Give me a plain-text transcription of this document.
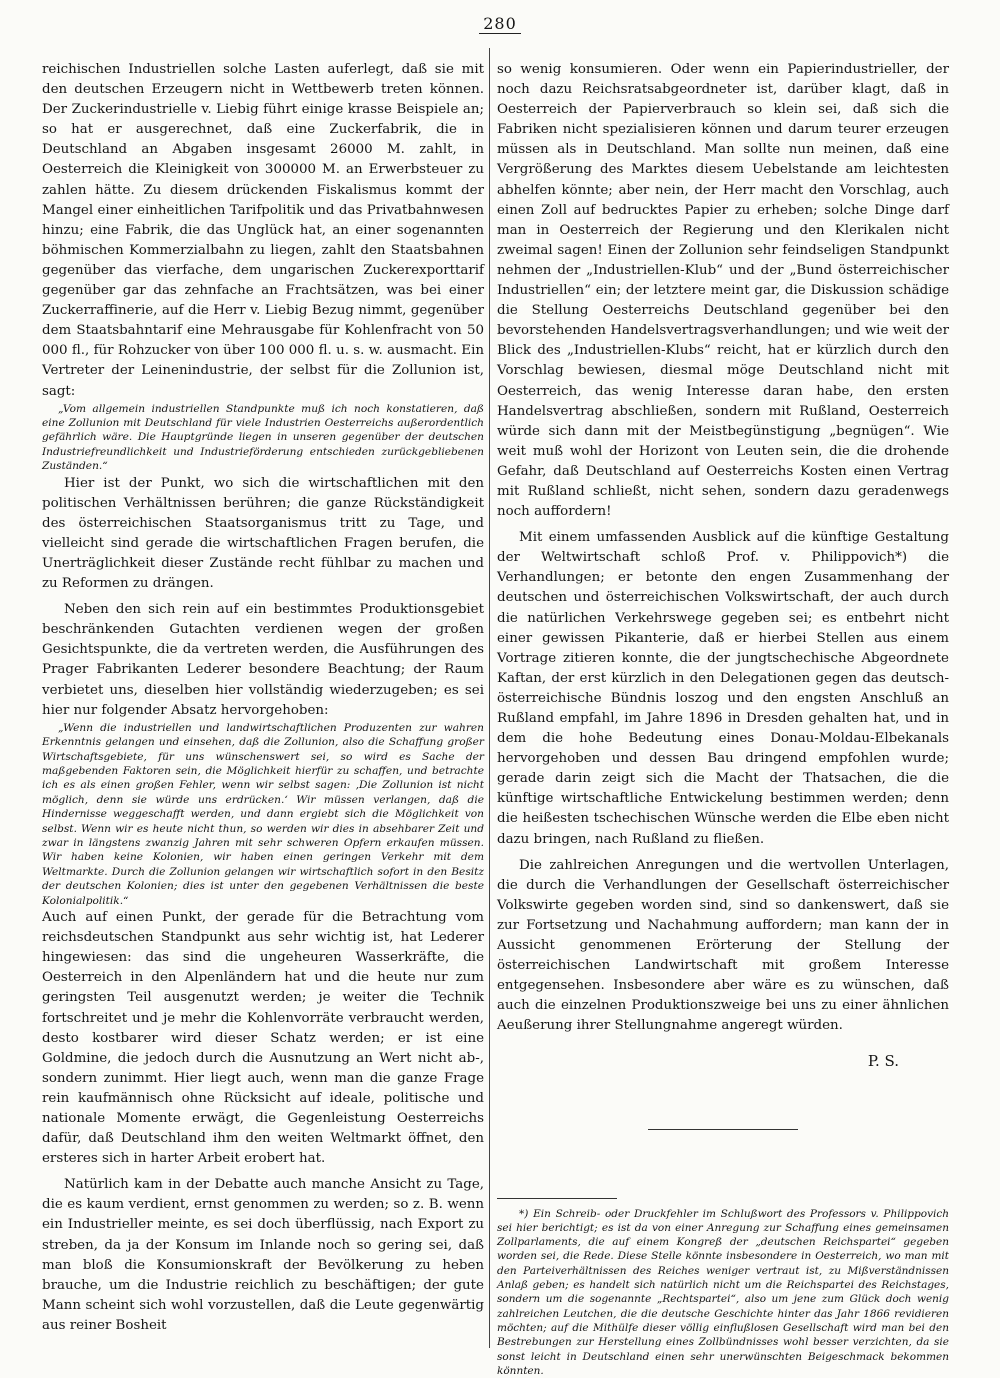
280

reichischen Industriellen solche Lasten auferlegt, daß sie mit den deutschen Erzeugern nicht in Wettbewerb treten können. Der Zuckerindustrielle v. Liebig führt einige krasse Beispiele an; so hat er ausgerechnet, daß eine Zuckerfabrik, die in Deutschland an Abgaben insgesamt 26000 M. zahlt, in Oesterreich die Kleinigkeit von 300000 M. an Erwerbsteuer zu zahlen hätte. Zu diesem drückenden Fiskalismus kommt der Mangel einer einheitlichen Tarifpolitik und das Privatbahnwesen hinzu; eine Fabrik, die das Unglück hat, an einer sogenannten böhmischen Kommerzialbahn zu liegen, zahlt den Staatsbahnen gegenüber das vierfache, dem ungarischen Zuckerexporttarif gegenüber gar das zehnfache an Frachtsätzen, was bei einer Zuckerraffinerie, auf die Herr v. Liebig Bezug nimmt, gegenüber dem Staatsbahntarif eine Mehrausgabe für Kohlenfracht von 50 000 fl., für Rohzucker von über 100 000 fl. u. s. w. ausmacht. Ein Vertreter der Leinenindustrie, der selbst für die Zollunion ist, sagt:

„Vom allgemein industriellen Standpunkte muß ich noch konstatieren, daß eine Zollunion mit Deutschland für viele Industrien Oesterreichs außerordentlich gefährlich wäre. Die Hauptgründe liegen in unseren gegenüber der deutschen Industriefreundlichkeit und Industrieförderung entschieden zurückgebliebenen Zuständen.“

Hier ist der Punkt, wo sich die wirtschaftlichen mit den politischen Verhältnissen berühren; die ganze Rückständigkeit des österreichischen Staatsorganismus tritt zu Tage, und vielleicht sind gerade die wirtschaftlichen Fragen berufen, die Unerträglichkeit dieser Zustände recht fühlbar zu machen und zu Reformen zu drängen.

Neben den sich rein auf ein bestimmtes Produktionsgebiet beschränkenden Gutachten verdienen wegen der großen Gesichtspunkte, die da vertreten werden, die Ausführungen des Prager Fabrikanten Lederer besondere Beachtung; der Raum verbietet uns, dieselben hier vollständig wiederzugeben; es sei hier nur folgender Absatz hervorgehoben:

„Wenn die industriellen und landwirtschaftlichen Produzenten zur wahren Erkenntnis gelangen und einsehen, daß die Zollunion, also die Schaffung großer Wirtschaftsgebiete, für uns wünschenswert sei, so wird es Sache der maßgebenden Faktoren sein, die Möglichkeit hierfür zu schaffen, und betrachte ich es als einen großen Fehler, wenn wir selbst sagen: ‚Die Zollunion ist nicht möglich, denn sie würde uns erdrücken.‘ Wir müssen verlangen, daß die Hindernisse weggeschafft werden, und dann ergiebt sich die Möglichkeit von selbst. Wenn wir es heute nicht thun, so werden wir dies in absehbarer Zeit und zwar in längstens zwanzig Jahren mit sehr schweren Opfern erkaufen müssen. Wir haben keine Kolonien, wir haben einen geringen Verkehr mit dem Weltmarkte. Durch die Zollunion gelangen wir wirtschaftlich sofort in den Besitz der deutschen Kolonien; dies ist unter den gegebenen Verhältnissen die beste Kolonialpolitik.“

Auch auf einen Punkt, der gerade für die Betrachtung vom reichsdeutschen Standpunkt aus sehr wichtig ist, hat Lederer hingewiesen: das sind die ungeheuren Wasserkräfte, die Oesterreich in den Alpenländern hat und die heute nur zum geringsten Teil ausgenutzt werden; je weiter die Technik fortschreitet und je mehr die Kohlenvorräte verbraucht werden, desto kostbarer wird dieser Schatz werden; er ist eine Goldmine, die jedoch durch die Ausnutzung an Wert nicht ab-, sondern zunimmt. Hier liegt auch, wenn man die ganze Frage rein kaufmännisch ohne Rücksicht auf ideale, politische und nationale Momente erwägt, die Gegenleistung Oesterreichs dafür, daß Deutschland ihm den weiten Weltmarkt öffnet, den ersteres sich in harter Arbeit erobert hat.

Natürlich kam in der Debatte auch manche Ansicht zu Tage, die es kaum verdient, ernst genommen zu werden; so z. B. wenn ein Industrieller meinte, es sei doch überflüssig, nach Export zu streben, da ja der Konsum im Inlande noch so gering sei, daß man bloß die Konsumionskraft der Bevölkerung zu heben brauche, um die Industrie reichlich zu beschäftigen; der gute Mann scheint sich wohl vorzustellen, daß die Leute gegenwärtig aus reiner Bosheit

so wenig konsumieren. Oder wenn ein Papierindustrieller, der noch dazu Reichsratsabgeordneter ist, darüber klagt, daß in Oesterreich der Papierverbrauch so klein sei, daß sich die Fabriken nicht spezialisieren können und darum teurer erzeugen müssen als in Deutschland. Man sollte nun meinen, daß eine Vergrößerung des Marktes diesem Uebelstande am leichtesten abhelfen könnte; aber nein, der Herr macht den Vorschlag, auch einen Zoll auf bedrucktes Papier zu erheben; solche Dinge darf man in Oesterreich der Regierung und den Klerikalen nicht zweimal sagen! Einen der Zollunion sehr feindseligen Standpunkt nehmen der „Industriellen-Klub“ und der „Bund österreichischer Industriellen“ ein; der letztere meint gar, die Diskussion schädige die Stellung Oesterreichs Deutschland gegenüber bei den bevorstehenden Handelsvertragsverhandlungen; und wie weit der Blick des „Industriellen-Klubs“ reicht, hat er kürzlich durch den Vorschlag bewiesen, diesmal möge Deutschland nicht mit Oesterreich, das wenig Interesse daran habe, den ersten Handelsvertrag abschließen, sondern mit Rußland, Oesterreich würde sich dann mit der Meistbegünstigung „begnügen“. Wie weit muß wohl der Horizont von Leuten sein, die die drohende Gefahr, daß Deutschland auf Oesterreichs Kosten einen Vertrag mit Rußland schließt, nicht sehen, sondern dazu geradenwegs noch auffordern!

Mit einem umfassenden Ausblick auf die künftige Gestaltung der Weltwirtschaft schloß Prof. v. Philippovich*) die Verhandlungen; er betonte den engen Zusammenhang der deutschen und österreichischen Volkswirtschaft, der auch durch die natürlichen Verkehrswege gegeben sei; es entbehrt nicht einer gewissen Pikanterie, daß er hierbei Stellen aus einem Vortrage zitieren konnte, die der jungtschechische Abgeordnete Kaftan, der erst kürzlich in den Delegationen gegen das deutsch-österreichische Bündnis loszog und den engsten Anschluß an Rußland empfahl, im Jahre 1896 in Dresden gehalten hat, und in dem die hohe Bedeutung eines Donau-Moldau-Elbekanals hervorgehoben und dessen Bau dringend empfohlen wurde; gerade darin zeigt sich die Macht der Thatsachen, die die künftige wirtschaftliche Entwickelung bestimmen werden; denn die heißesten tschechischen Wünsche werden die Elbe eben nicht dazu bringen, nach Rußland zu fließen.

Die zahlreichen Anregungen und die wertvollen Unterlagen, die durch die Verhandlungen der Gesellschaft österreichischer Volkswirte gegeben worden sind, sind so dankenswert, daß sie zur Fortsetzung und Nachahmung auffordern; man kann der in Aussicht genommenen Erörterung der Stellung der österreichischen Landwirtschaft mit großem Interesse entgegensehen. Insbesondere aber wäre es zu wünschen, daß auch die einzelnen Produktionszweige bei uns zu einer ähnlichen Aeußerung ihrer Stellungnahme angeregt würden.

P. S.

*) Ein Schreib- oder Druckfehler im Schlußwort des Professors v. Philippovich sei hier berichtigt; es ist da von einer Anregung zur Schaffung eines gemeinsamen Zollparlaments, die auf einem Kongreß der „deutschen Reichspartei“ gegeben worden sei, die Rede. Diese Stelle könnte insbesondere in Oesterreich, wo man mit den Parteiverhältnissen des Reiches weniger vertraut ist, zu Mißverständnissen Anlaß geben; es handelt sich natürlich nicht um die Reichspartei des Reichstages, sondern um die sogenannte „Rechtspartei“, also um jene zum Glück doch wenig zahlreichen Leutchen, die die deutsche Geschichte hinter das Jahr 1866 revidieren möchten; auf die Mithülfe dieser völlig einflußlosen Gesellschaft wird man bei den Bestrebungen zur Herstellung eines Zollbündnisses wohl besser verzichten, da sie sonst leicht in Deutschland einen sehr unerwünschten Beigeschmack bekommen könnten.
